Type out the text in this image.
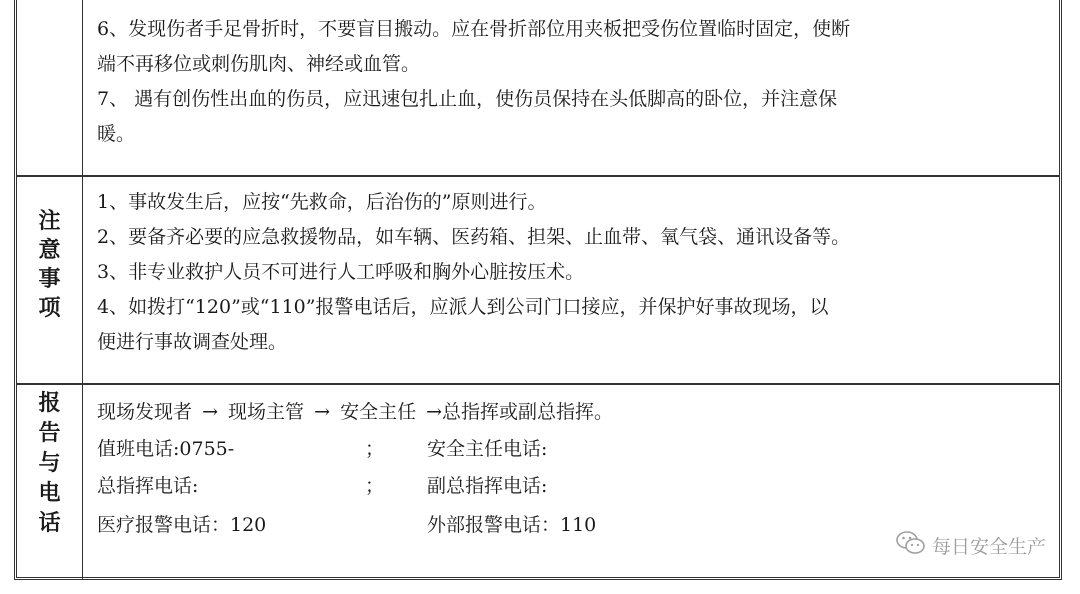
6、发现伤者手足骨折时，不要盲目搬动。应在骨折部位用夹板把受伤位置临时固定，使断
端不再移位或刺伤肌肉、神经或血管。
7、 遇有创伤性出血的伤员，应迅速包扎止血，使伤员保持在头低脚高的卧位，并注意保
暖。
注
意
事
项
1、事故发生后，应按“先救命，后治伤的”原则进行。
2、要备齐必要的应急救援物品，如车辆、医药箱、担架、止血带、氧气袋、通讯设备等。
3、非专业救护人员不可进行人工呼吸和胸外心脏按压术。
4、如拨打“120”或“110”报警电话后，应派人到公司门口接应，并保护好事故现场，以
便进行事故调查处理。
报
告
与
电
话
现场发现者 → 现场主管 → 安全主任 →总指挥或副总指挥。
值班电话:0755-	； 安全主任电话:
总指挥电话:	； 副总指挥电话:
医疗报警电话：120	外部报警电话：110
每日安全生产
